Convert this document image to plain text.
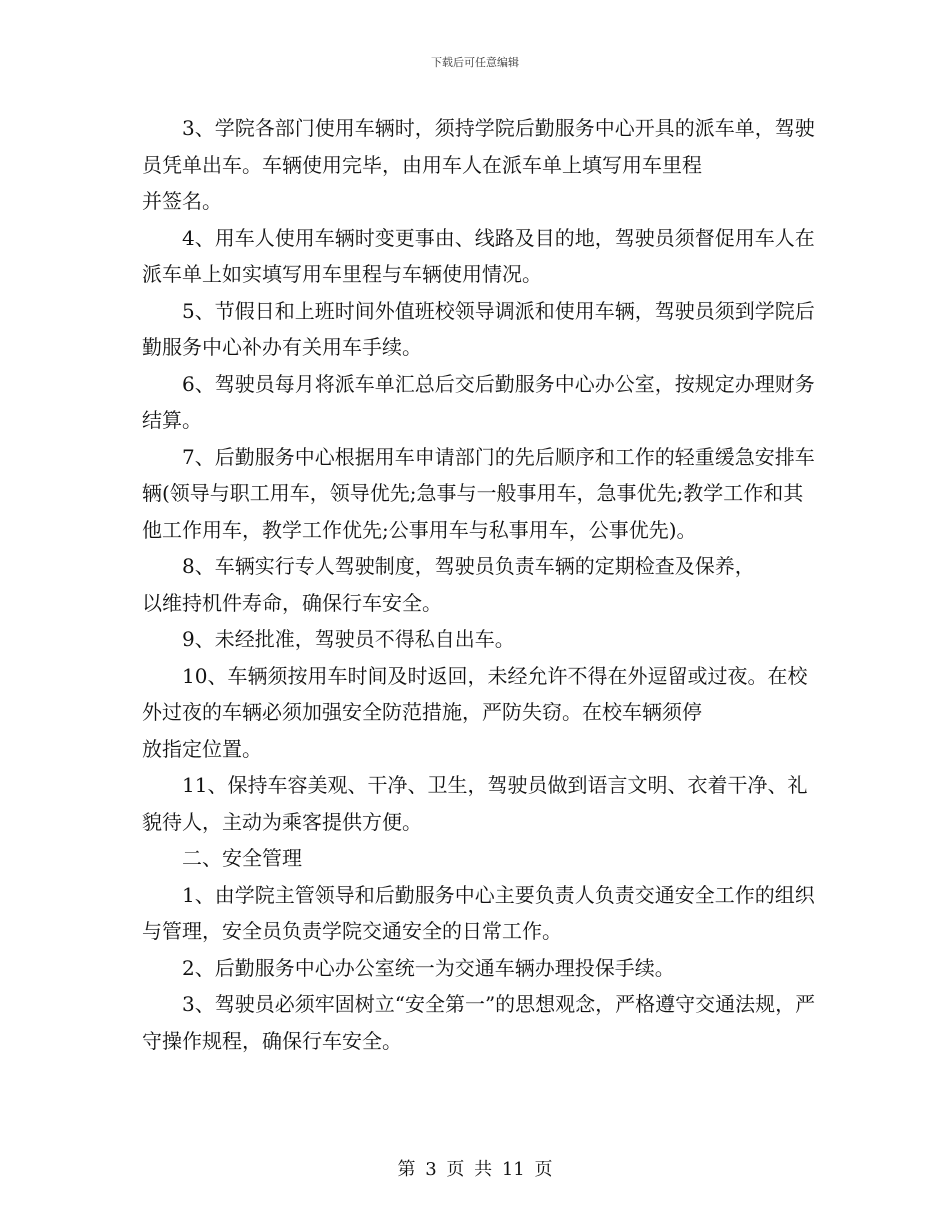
下载后可任意编辑

3、学院各部门使用车辆时，须持学院后勤服务中心开具的派车单，驾驶员凭单出车。车辆使用完毕，由用车人在派车单上填写用车里程
并签名。

4、用车人使用车辆时变更事由、线路及目的地，驾驶员须督促用车人在派车单上如实填写用车里程与车辆使用情况。

5、节假日和上班时间外值班校领导调派和使用车辆，驾驶员须到学院后勤服务中心补办有关用车手续。

6、驾驶员每月将派车单汇总后交后勤服务中心办公室，按规定办理财务结算。

7、后勤服务中心根据用车申请部门的先后顺序和工作的轻重缓急安排车辆(领导与职工用车，领导优先;急事与一般事用车，急事优先;教学工作和其他工作用车，教学工作优先;公事用车与私事用车，公事优先)。

8、车辆实行专人驾驶制度，驾驶员负责车辆的定期检查及保养，
以维持机件寿命，确保行车安全。

9、未经批准，驾驶员不得私自出车。

10、车辆须按用车时间及时返回，未经允许不得在外逗留或过夜。在校外过夜的车辆必须加强安全防范措施，严防失窃。在校车辆须停
放指定位置。

11、保持车容美观、干净、卫生，驾驶员做到语言文明、衣着干净、礼貌待人，主动为乘客提供方便。

二、安全管理

1、由学院主管领导和后勤服务中心主要负责人负责交通安全工作的组织与管理，安全员负责学院交通安全的日常工作。

2、后勤服务中心办公室统一为交通车辆办理投保手续。

3、驾驶员必须牢固树立“安全第一”的思想观念，严格遵守交通法规，严守操作规程，确保行车安全。

第 3 页 共 11 页
